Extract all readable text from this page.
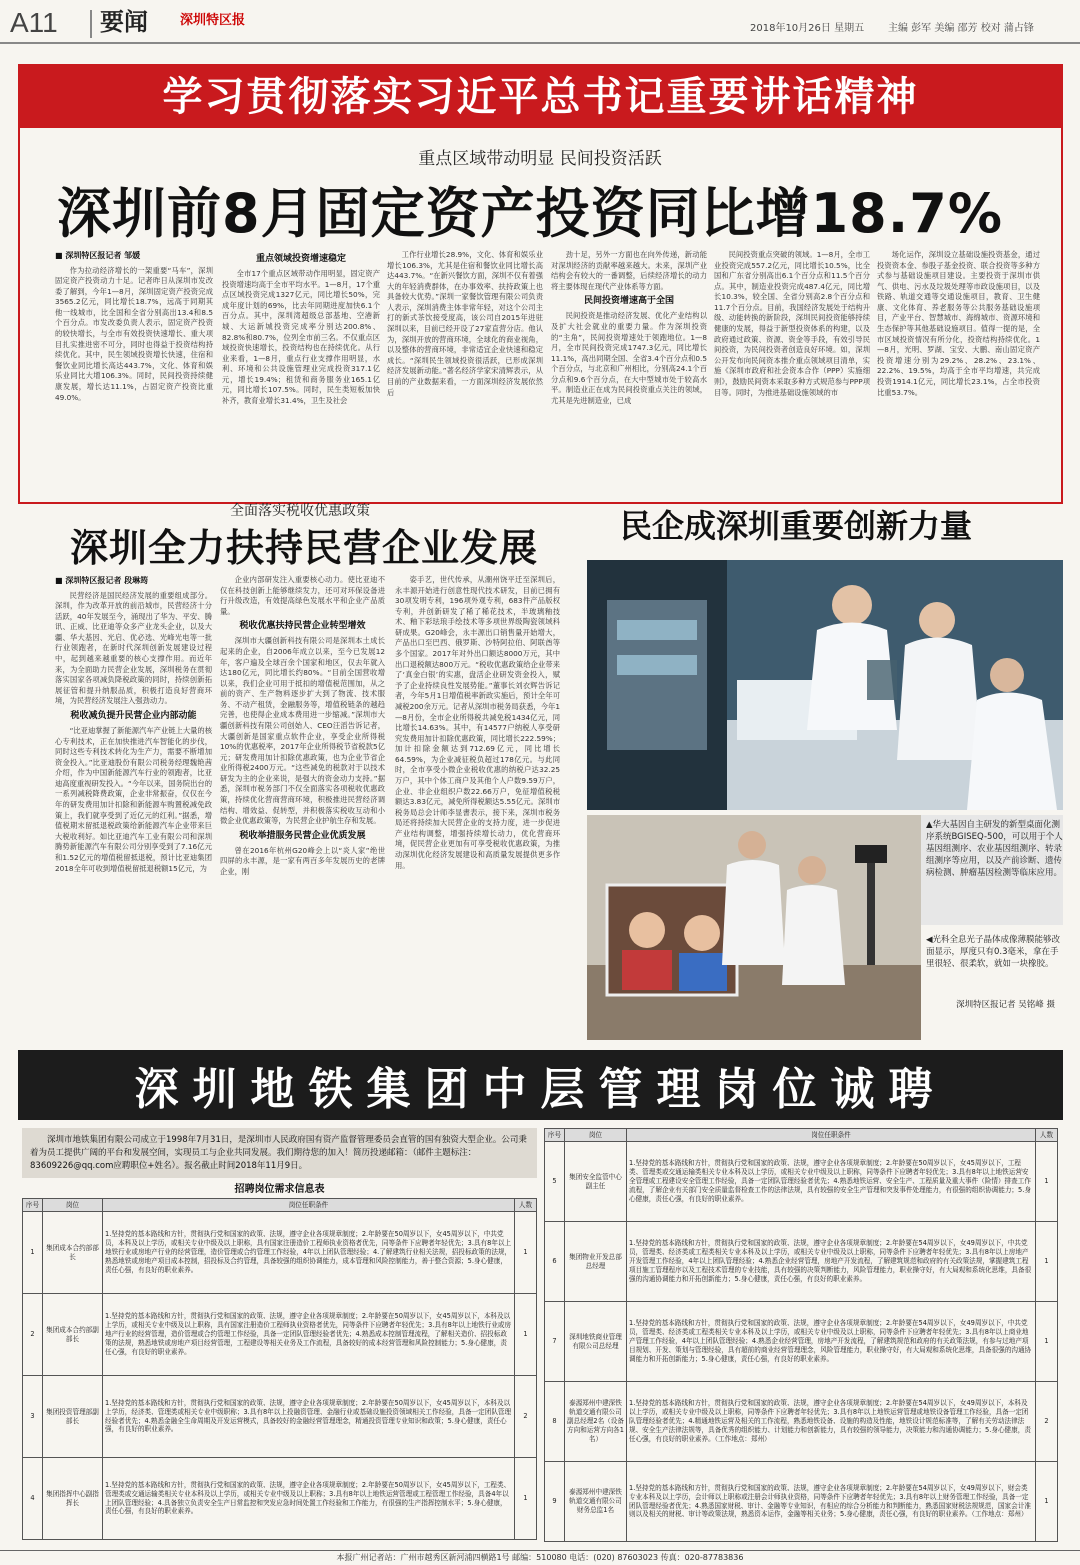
A11 要闻 深圳特区报
2018年10月26日 星期五 主编 彭军 美编 邵芳 校对 蒲占锋
学习贯彻落实习近平总书记重要讲话精神
重点区域带动明显 民间投资活跃
深圳前8月固定资产投资同比增18.7%
■ 深圳特区报记者 邹媛

作为拉动经济增长的一架重要“马车”，深圳固定资产投资动力十足。记者昨日从深圳市发改委了解到，今年1—8月，深圳固定资产投资完成3565.2亿元，同比增长18.7%，远高于同期其他一线城市，比全国和全省分别高出13.4和8.5个百分点。市发改委负责人表示，固定资产投资的较快增长，与全市有效投资快速增长、重大项目扎实推进密不可分，同时也得益于投资结构持续优化。其中，民生领域投资增长快速，住宿和餐饮业同比增长高达443.7%，文化、体育和娱乐业同比大增106.3%。同时，民间投资持续健康发展，增长达11.1%，占固定资产投资比重49.0%。

重点领域投资增速稳定

全市17个重点区域带动作用明显，固定资产投资增速均高于全市平均水平。1—8月，17个重点区域投资完成1327亿元，同比增长50%，完成年度计划的69%，比去年同期进度加快6.1个百分点。其中，深圳湾超级总部基地、空港新城、大运新城投资完成率分别达200.8%、82.8%和80.7%，位列全市前三名。不仅重点区域投资快速增长，投资结构也在持续优化。从行业来看，1—8月，重点行业支撑作用明显，水利、环境和公共设施管理业完成投资317.1亿元，增长19.4%；租赁和商务服务业165.1亿元，同比增长107.5%。同时，民生类短板加快补齐，教育业增长31.4%，卫生及社会

工作行业增长28.9%，文化、体育和娱乐业增长106.3%，尤其是住宿和餐饮业同比增长高达443.7%。“在新兴餐饮方面，深圳不仅有着强大的年轻消费群体，在办事效率、扶持政策上也具备较大优势。”深圳一家餐饮管理有限公司负责人表示，深圳消费主体非常年轻，对这个公司主打的新式茶饮接受度高，该公司自2015年进驻深圳以来，目前已经开设了27家直营分店。他认为，深圳开放的营商环境，全球化的商业视角，以及整体的营商环境，非常适宜企业快速和稳定成长。“深圳民生领域投资很活跃，已形成深圳经济发展新动能。”著名经济学家宋清辉表示，从目前的产业数据来看，一方面深圳经济发展依然后

劲十足，另外一方面也在向外传递，新动能对深圳经济的贡献率越来越大。未来，深圳产业结构会有较大的一番调整，后续经济增长的动力将主要体现在现代产业体系等方面。

民间投资增速高于全国

民间投资是推动经济发展、优化产业结构以及扩大社会就业的重要力量。作为深圳投资的“主角”，民间投资增速处于领跑地位。1—8月，全市民间投资完成1747.3亿元，同比增长11.1%，高出同期全国、全省3.4个百分点和0.5个百分点，与北京和广州相比，分别高24.1个百分点和9.6个百分点，在大中型城市处于较高水平。制造业正在成为民间投资重点关注的领域，尤其是先进制造业，已成

民间投资重点突破的领域。1—8月，全市工业投资完成557.2亿元，同比增长10.5%，比全国和广东省分别高出6.1个百分点和11.5个百分点。其中，制造业投资完成487.4亿元，同比增长10.3%，较全国、全省分别高2.8个百分点和11.7个百分点。目前，我国经济发展处于结构升级、动能转换的新阶段，深圳民间投资能够持续健康的发展，得益于新型投资体系的构建，以及政府通过政策、资源、资金等手段，有效引导民间投资，为民间投资者创造良好环境。如，深圳公开发布向民间资本推介重点领域项目清单，实施《深圳市政府和社会资本合作（PPP）实施细则》，鼓励民间资本采取多种方式规范参与PPP项目等。同时，为推进基础设施领域的市

场化运作，深圳设立基础设施投资基金，通过投资资本金、参股子基金投资、联合投资等多种方式参与基础设施项目建设。主要投资于深圳市供气、供电、污水及垃圾处理等市政设施项目，以及铁路、轨道交通等交通设施项目，教育、卫生健康、文化体育、养老服务等公共服务基础设施项目，产业平台、智慧城市、海绵城市、资源环境和生态保护等其他基础设施项目。值得一提的是，全市区域投资情况有所分化，投资结构持续优化。1—8月，光明、罗湖、宝安、大鹏、南山固定资产投资增速分别为29.2%、28.2%、23.1%、22.2%、19.5%，均高于全市平均增速，共完成投资1914.1亿元，同比增长23.1%，占全市投资比重53.7%。

全面落实税收优惠政策
深圳全力扶持民营企业发展
■ 深圳特区报记者 段琳筠

民营经济是国民经济发展的重要组成部分。深圳，作为改革开放的前沿城市，民营经济十分活跃，40年发展至今，涌现出了华为、平安、腾讯、正威、比亚迪等众多产业龙头企业，以及大疆、华大基因、光启、优必选、光峰光电等一批行业领跑者，在新时代深圳创新发展建设过程中，起到越来越重要的核心支撑作用。而近年来，为全面助力民营企业发展，深圳税务在贯彻落实国家各项减负降税政策的同时，持续创新拓展征管和提升纳服品质，积极打造良好营商环境，为民营经济发展注入强劲动力。

税收减负提升民营企业内部动能

“比亚迪掌握了新能源汽车产业链上大量的核心专利技术，正在加快推进汽车智能化的步伐，同时这些专利技术转化为生产力，需要不断增加资金投入。”比亚迪股份有限公司税务经理魏艳茜介绍，作为中国新能源汽车行业的领跑者，比亚迪高度重视研发投入。“今年以来，国务院出台的一系列减税降费政策，企业非常振奋，仅仅在今年的研发费用加计扣除和新能源车购置税减免政策上，我们就享受到了近亿元的红利。”据悉，增值税期末留抵退税政策给新能源汽车企业带来巨大税收利好。如比亚迪汽车工业有限公司和深圳腾势新能源汽车有限公司分别享受到了7.16亿元和1.52亿元的增值税留抵退税，预计比亚迪集团2018全年可收到增值税留抵退税额15亿元，为

企业内部研发注入重要核心动力。使比亚迪不仅在科技创新上能够继续发力，还可对环保设备进行升级改造，有效提高绿色发展水平和企业产品质量。

税收优惠扶持民营企业转型增效

深圳市大疆创新科技有限公司是深圳本土成长起来的企业，自2006年成立以来，至今已发展12年，客户遍及全球百余个国家和地区，仅去年就入达180亿元，同比增长约80%。“目前全国营收增以来，我们企业可用于抵扣的增值税范围加，从之前的资产、生产物料逐步扩大到了物流、技术服务、不动产租赁，金融服务等，增值税链条的越趋完善，也使得企业成本费用进一步缩减。”深圳市大疆创新科技有限公司创始人、CEO汪滔告诉记者，大疆创新是国家重点软件企业，享受企业所得税10%的优惠税率，2017年企业所得税节省税款5亿元；研发费用加计扣除优惠政策，也为企业节省企业所得税2400万元。“这些减免的税款对于以技术研发为主的企业来说，是强大的资金动力支持。”据悉，深圳市税务部门不仅全面落实各项税收优惠政策，持续优化营商营商环境，积极推进民营经济调结构、增效益、促转型，并积极落实税收互动和小微企业优惠政策等，为民营企业护航生存和发展。

税收举措服务民营企业优质发展

曾在2016年杭州G20峰会上以“炎人家”绝世四屏的永丰源，是一家有两百多年发展历史的老牌企业，刚

姿手艺，世代传承，从潮州饶平迁至深圳后，永丰源开始进行创意性现代技术研发，目前已拥有30项发明专利，196项外观专利，683件产品版权专利，并创新研发了稀了稀花技术，半玻璃釉技术、釉下彩珐琅手绘技术等多项世界级陶瓷领域科研成果。G20峰会，永丰源出口销售量开始增大，产品出口至巴西、俄罗斯、沙特阿拉伯、阿联酋等多个国家。2017年对外出口额达8000万元，其中出口退税额达800万元。“税收优惠政策给企业带来了‘真金白银’的实惠，盘活企业研发资金投入，赋予了企业持续良性发展势能。”董事长刘衣辉告诉记者，今年5月1日增值税率新政实施后，预计全年可减税200余万元。记者从深圳市税务局获悉，今年1—8月份，全市企业所得税共减免税1434亿元，同比增长14.63%。其中，有14577户纳税人享受研究发费用加计扣除优惠政策，同比增长222.59%；加计扣除金额达到712.69亿元，同比增长64.59%，为企业减征税负超过178亿元。与此同时，全市享受小微企业税收优惠的纳税户达32.25万户，其中个体工商户及其他个人户数9.59万户，企业、非企业组织户数22.66万户，免征增值税税额达3.83亿元，减免所得税额达5.55亿元。深圳市税务局总会计师李显書表示，接下来，深圳市税务局还将持续加大民营企业的支持力度，进一步促进产业结构调整，增强持续增长动力，优化营商环境，促民营企业更加有可享受税收优惠政策，为推动深圳优化经济发展建设和高质量发展提供更多作用。

民企成深圳重要创新力量
▲华大基因自主研发的新型桌面化测序系统BGISEQ-500，可以用于个人基因组测序、农业基因组测序、转录组测序等应用，以及产前诊断、遗传病检测、肿瘤基因检测等临床应用。
◀光科全息光子晶体成像薄膜能够改面显示，厚度只有0.3毫米，拿在手里很轻、很柔软，就如一块橡胶。
深圳特区报记者 吴铭峰 摄
深圳地铁集团中层管理岗位诚聘

深圳市地铁集团有限公司成立于1998年7月31日，是深圳市人民政府国有资产监督管理委员会直管的国有独资大型企业。公司秉着为员工提供广阔的平台和发展空间，实现员工与企业共同发展。我们期待您的加入！简历投递邮箱：（邮件主题标注：83609226@qq.com应聘职位+姓名）。报名截止时间2018年11月9日。

招聘岗位需求信息表
序号	岗位	岗位任职条件	人数
1	集团成本合约部部长	1.坚持党的基本路线和方针，贯彻执行党和国家的政策、法规，遵守企业各项规章制度；2.年龄要在50周岁以下，女45周岁以下，中共党员，本科及以上学历，或相关专业中级及以上职称，具有国家注册造价工程师执业资格者优先，同等条件下应聘者年轻优先；3.具有8年以上地铁行业或房地产行业的经营管理，造价管理或合约管理工作经验，4年以上团队管理经验；4.了解建筑行业相关法规，招投标政策的法规，熟悉地铁或房地产项目成本控制，招投标及合约管理，具备较强的组织协调能力，成本管理和风险控制能力，善于整合资源；5.身心健康，责任心强，有良好的职业素养。	1
2	集团成本合约部副部长	1.坚持党的基本路线和方针，贯彻执行党和国家的政策、法规，遵守企业各项规章制度；2.年龄要在50周岁以下，女45周岁以下，本科及以上学历，或相关专业中级及以上职称，具有国家注册造价工程师执业资格者优先，同等条件下应聘者年轻优先；3.具有8年以上地铁行业或房地产行业的经营管理，造价管理或合约管理工作经验，具备一定团队管理经验者优先；4.熟悉成本控制管理流程，了解相关造价、招投标政策的法规，熟悉地铁或房地产项目经营管理，工程建设等相关业务及工作流程，具备较好的成本经营管理和风险控制能力；5.身心健康，责任心强，有良好的职业素养。	1
3	集团投资管理部副部长	1.坚持党的基本路线和方针，贯彻执行党和国家的政策、法规，遵守企业各项规章制度；2.年龄要在50周岁以下，女45周岁以下，本科及以上学历，经济类、管理类或相关专业中级职称；3.具有8年以上投融资管理、金融行业或基础设施投资领域相关工作经验，具备一定团队管理经验者优先；4.熟悉金融全生命周期及开发运营模式，具备较好的金融经营管理理念，精通投资管理专业知识和政策；5.身心健康，责任心强，有良好的职业素养。	2
4	集团指挥中心副指挥长	1.坚持党的基本路线和方针，贯彻执行党和国家的政策、法规，遵守企业各项规章制度；2.年龄要在50周岁以下，女45周岁以下，工程类、管理类或交通运输类相关专业本科及以上学历，或相关专业中级及以上职称；3.具有8年以上地铁运营管理或工程管理工作经验，具备4年以上团队管理经验；4.具备独立负责安全生产日常监控和突发应急时间处置工作经验和工作能力，有很强的生产指挥控制水平；5.身心健康，责任心强，有良好的职业素养。	1
序号	岗位	岗位任职条件	人数
5	集团安全监管中心副主任	1.坚持党的基本路线和方针，贯彻执行党和国家的政策、法规，遵守企业各项规章制度；2.年龄要在50周岁以下，女45周岁以下，工程类、管理类或交通运输类相关专业本科及以上学历，或相关专业中级及以上职称，同等条件下应聘者年轻优先；3.具有8年以上地铁运营安全管理或工程建设安全管理工作经验，具备一定团队管理经验者优先；4.熟悉地铁运营、安全生产、工程质量及重大事件（险情）排查工作流程，了解企业有关部门安全质量监督检查工作的法律法规，具有较强的安全生产管理和突发事件处理能力，有很强的组织协调能力；5.身心健康，责任心强，有良好的职业素养。	1
6	集团物业开发总部总经理	1.坚持党的基本路线和方针，贯彻执行党和国家的政策、法规，遵守企业各项规章制度；2.年龄要在54周岁以下，女49周岁以下，中共党员，管理类、经济类或工程类相关专业本科及以上学历，或相关专业中级及以上职称，同等条件下应聘者年轻优先；3.具有8年以上房地产开发管理工作经验，4年以上团队管理经验；4.熟悉企业经营管理，房地产开发流程，了解建筑规范和政府的有关政策法规，掌握建筑工程项目施工管理程序以及工程技术管理的专业技能，具有较强的决策判断能力，风险管理能力，职业操守好，有大局观和系统化思维，具备很强的沟通协调能力和开拓创新能力；5.身心健康，责任心强，有良好的职业素养。	1
7	深圳地铁商业管理有限公司总经理	1.坚持党的基本路线和方针，贯彻执行党和国家的政策、法规，遵守企业各项规章制度；2.年龄要在54周岁以下，女49周岁以下，中共党员，管理类、经济类或工程类相关专业本科及以上学历，或相关专业中级及以上职称，同等条件下应聘者年轻优先；3.具有8年以上商业地产管理工作经验，4年以上团队管理经验；4.熟悉企业经营管理，房地产开发流程，了解建筑规范和政府的有关政策法规，有参与过地产项目规划、开发、策划与管理经验，具有超前的商业经营管理理念，风险管理能力，职业操守好，有大局观和系统化思维，具备很强的沟通协调能力和开拓创新能力；5.身心健康，责任心强，有良好的职业素养。	1
8	泰源郑州中建深铁轨道交通有限公司副总经理2名（设备方向和运营方向各1名）	1.坚持党的基本路线和方针，贯彻执行党和国家的政策、法规，遵守企业各项规章制度；2.年龄要在54周岁以下，女49周岁以下，本科及以上学历，或相关专业中级及以上职称，同等条件下应聘者年轻优先；3.具有8年以上地铁运营管理或地铁设备管理工作经验，具备一定团队管理经验者优先；4.精通地铁运营及相关的工作流程，熟悉地铁设备、设施的构造及性能，地铁设计规范标准等，了解有关劳动法律法规、安全生产法律法规等，具备优秀的组织能力、计划能力和创新能力，具有较强的领导能力，决策能力和沟通协调能力；5.身心健康，责任心强，有良好的职业素养。（工作地点：郑州）	2
9	泰源郑州中建深铁轨道交通有限公司财务总监1名	1.坚持党的基本路线和方针，贯彻执行党和国家的政策、法规，遵守企业各项规章制度；2.年龄要在54周岁以下，女49周岁以下，财会类专业本科及以上学历，会计师以上职称或注册会计师执业资格，同等条件下应聘者年轻优先；3.具有8年以上财务管理工作经验，具备一定团队管理经验者优先；4.熟悉国家财税、审计、金融等专业知识，有相应的综合分析能力和判断能力，熟悉国家财税法规规范，国家会计准则以及相关的财税、审计等政策法规，熟悉资本运作，金融等相关业务；5.身心健康，责任心强，有良好的职业素养。（工作地点：郑州）	1
本报广州记者站：广州市越秀区新河浦四横路1号 邮编：510080 电话：(020) 87603023 传真：020-87783836
